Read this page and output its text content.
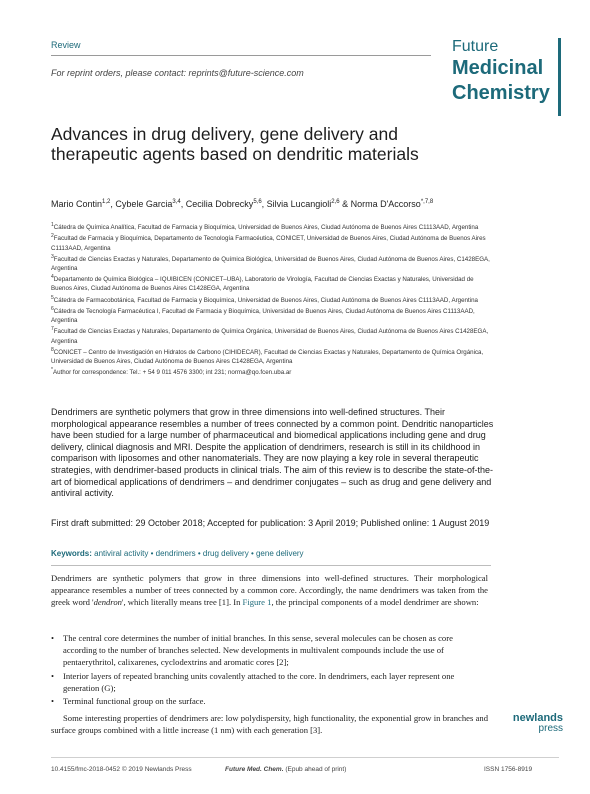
Review
For reprint orders, please contact: reprints@future-science.com
Future
Medicinal
Chemistry
Advances in drug delivery, gene delivery and therapeutic agents based on dendritic materials
Mario Contin$^{1,2}$, Cybele Garcia$^{3,4}$, Cecilia Dobrecky$^{5,6}$, Silvia Lucangioli$^{2,6}$ & Norma D'Accorso$^{*,7,8}$
$^1$Cátedra de Química Analítica, Facultad de Farmacia y Bioquímica, Universidad de Buenos Aires, Ciudad Autónoma de Buenos Aires C1113AAD, Argentina
$^2$Facultad de Farmacia y Bioquímica, Departamento de Tecnología Farmacéutica, CONICET, Universidad de Buenos Aires, Ciudad Autónoma de Buenos Aires C1113AAD, Argentina
$^3$Facultad de Ciencias Exactas y Naturales, Departamento de Química Biológica, Universidad de Buenos Aires, Ciudad Autónoma de Buenos Aires, C1428EGA, Argentina
$^4$Departamento de Química Biológica – IQUIBICEN (CONICET–UBA), Laboratorio de Virología, Facultad de Ciencias Exactas y Naturales, Universidad de Buenos Aires, Ciudad Autónoma de Buenos Aires C1428EGA, Argentina
$^5$Cátedra de Farmacobotánica, Facultad de Farmacia y Bioquímica, Universidad de Buenos Aires, Ciudad Autónoma de Buenos Aires C1113AAD, Argentina
$^6$Cátedra de Tecnología Farmacéutica I, Facultad de Farmacia y Bioquímica, Universidad de Buenos Aires, Ciudad Autónoma de Buenos Aires C1113AAD, Argentina
$^7$Facultad de Ciencias Exactas y Naturales, Departamento de Química Orgánica, Universidad de Buenos Aires, Ciudad Autónoma de Buenos Aires C1428EGA, Argentina
$^8$CONICET – Centro de Investigación en Hidratos de Carbono (CIHIDECAR), Facultad de Ciencias Exactas y Naturales, Departamento de Química Orgánica, Universidad de Buenos Aires, Ciudad Autónoma de Buenos Aires C1428EGA, Argentina
*Author for correspondence: Tel.: + 54 9 011 4576 3300; int 231; norma@qo.fcen.uba.ar
Dendrimers are synthetic polymers that grow in three dimensions into well-defined structures. Their morphological appearance resembles a number of trees connected by a common point. Dendritic nanoparticles have been studied for a large number of pharmaceutical and biomedical applications including gene and drug delivery, clinical diagnosis and MRI. Despite the application of dendrimers, research is still in its childhood in comparison with liposomes and other nanomaterials. They are now playing a key role in several therapeutic strategies, with dendrimer-based products in clinical trials. The aim of this review is to describe the state-of-the-art of biomedical applications of dendrimers – and dendrimer conjugates – such as drug and gene delivery and antiviral activity.
First draft submitted: 29 October 2018; Accepted for publication: 3 April 2019; Published online: 1 August 2019
Keywords: antiviral activity • dendrimers • drug delivery • gene delivery
Dendrimers are synthetic polymers that grow in three dimensions into well-defined structures. Their morphological appearance resembles a number of trees connected by a common core. Accordingly, the name dendrimers was taken from the greek word 'dendron', which literally means tree [1]. In Figure 1, the principal components of a model dendrimer are shown:
• The central core determines the number of initial branches. In this sense, several molecules can be chosen as core according to the number of branches selected. New developments in multivalent compounds include the use of pentaerythritol, calixarenes, cyclodextrins and aromatic cores [2];
• Interior layers of repeated branching units covalently attached to the core. In dendrimers, each layer represent one generation (G);
• Terminal functional group on the surface.
Some interesting properties of dendrimers are: low polydispersity, high functionality, the exponential grow in branches and surface groups combined with a little increase (1 nm) with each generation [3].
newlands
press
10.4155/fmc-2018-0452 © 2019 Newlands Press	Future Med. Chem. (Epub ahead of print)	ISSN 1756-8919
